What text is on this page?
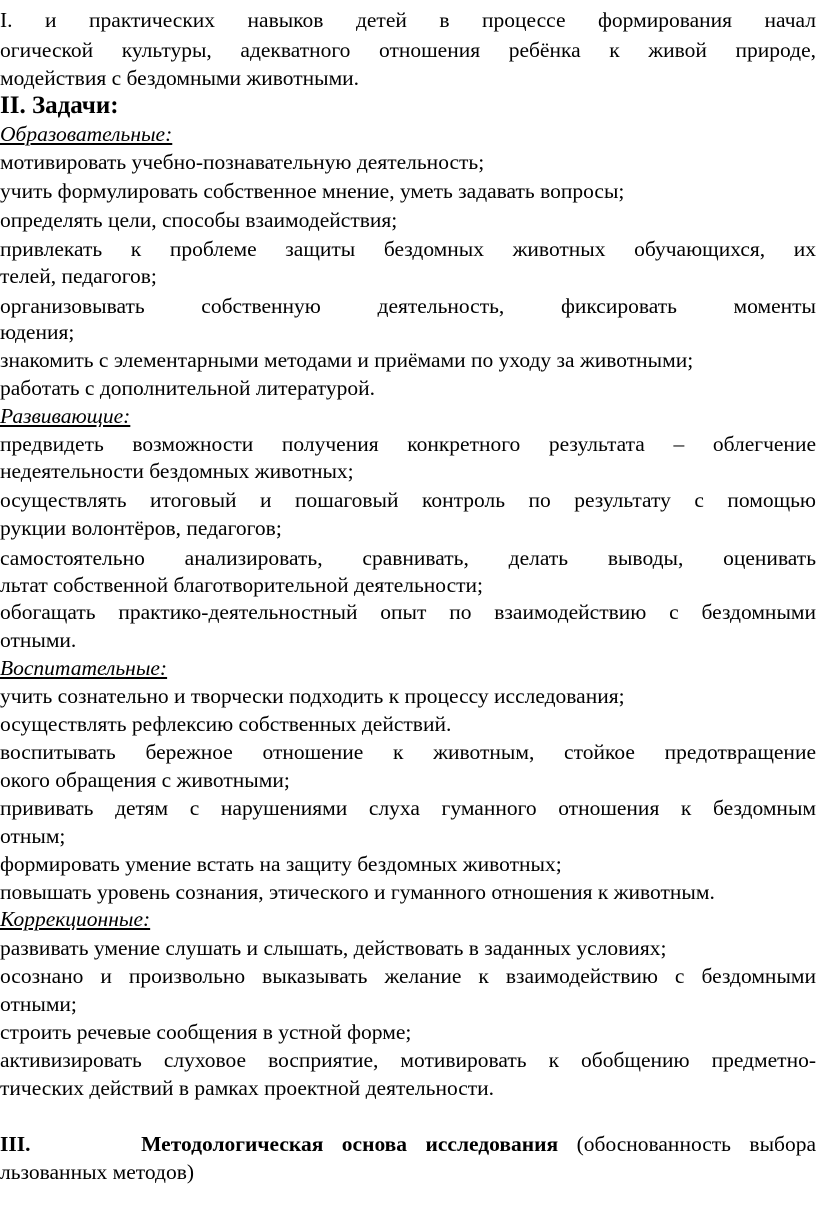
I. и практических навыков детей в процессе формирования начал
огической культуры, адекватного отношения ребёнка к живой природе,
модействия с бездомными животными.
II. Задачи:
Образовательные:
мотивировать учебно-познавательную деятельность;
учить формулировать собственное мнение, уметь задавать вопросы;
определять цели, способы взаимодействия;
привлекать к проблеме защиты бездомных животных обучающихся, их
телей, педагогов;
организовывать собственную деятельность, фиксировать моменты
юдения;
знакомить с элементарными методами и приёмами по уходу за животными;
работать с дополнительной литературой.
Развивающие:
предвидеть возможности получения конкретного результата – облегчение
недеятельности бездомных животных;
осуществлять итоговый и пошаговый контроль по результату с помощью
рукции волонтёров, педагогов;
самостоятельно анализировать, сравнивать, делать выводы, оценивать
льтат собственной благотворительной деятельности;
обогащать практико-деятельностный опыт по взаимодействию с бездомными
отными.
Воспитательные:
учить сознательно и творчески подходить к процессу исследования;
осуществлять рефлексию собственных действий.
воспитывать бережное отношение к животным, стойкое предотвращение
окого обращения с животными;
прививать детям с нарушениями слуха гуманного отношения к бездомным
отным;
формировать умение встать на защиту бездомных животных;
повышать уровень сознания, этического и гуманного отношения к животным.
Коррекционные:
развивать умение слушать и слышать, действовать в заданных условиях;
осознано и произвольно выказывать желание к взаимодействию с бездомными
отными;
строить речевые сообщения в устной форме;
активизировать слуховое восприятие, мотивировать к обобщению предметно-
тических действий в рамках проектной деятельности.
III.	Методологическая основа исследования (обоснованность выбора
льзованных методов)
